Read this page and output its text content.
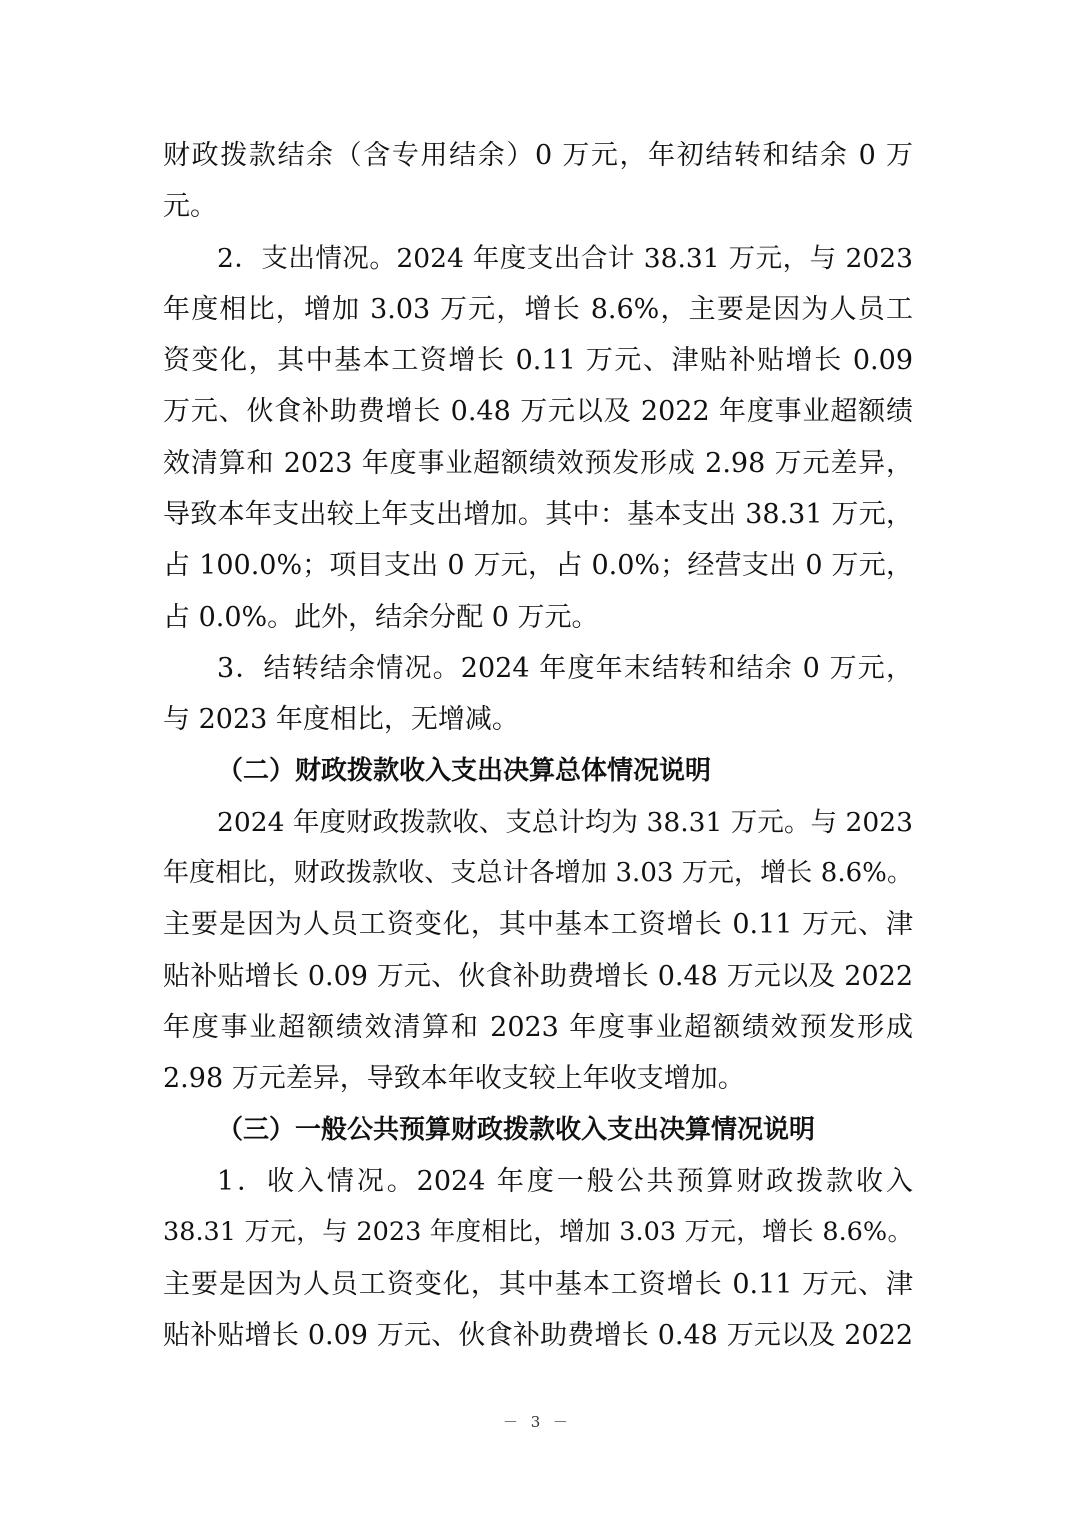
财政拨款结余（含专用结余）0 万元，年初结转和结余 0 万
元。
2．支出情况。2024 年度支出合计 38.31 万元，与 2023
年度相比，增加 3.03 万元，增长 8.6%，主要是因为人员工
资变化，其中基本工资增长 0.11 万元、津贴补贴增长 0.09
万元、伙食补助费增长 0.48 万元以及 2022 年度事业超额绩
效清算和 2023 年度事业超额绩效预发形成 2.98 万元差异，
导致本年支出较上年支出增加。其中：基本支出 38.31 万元，
占 100.0%；项目支出 0 万元，占 0.0%；经营支出 0 万元，
占 0.0%。此外，结余分配 0 万元。
3．结转结余情况。2024 年度年末结转和结余 0 万元，
与 2023 年度相比，无增减。
（二）财政拨款收入支出决算总体情况说明
2024 年度财政拨款收、支总计均为 38.31 万元。与 2023
年度相比，财政拨款收、支总计各增加 3.03 万元，增长 8.6%。
主要是因为人员工资变化，其中基本工资增长 0.11 万元、津
贴补贴增长 0.09 万元、伙食补助费增长 0.48 万元以及 2022
年度事业超额绩效清算和 2023 年度事业超额绩效预发形成
2.98 万元差异，导致本年收支较上年收支增加。
（三）一般公共预算财政拨款收入支出决算情况说明
1．收入情况。2024 年度一般公共预算财政拨款收入
38.31 万元，与 2023 年度相比，增加 3.03 万元，增长 8.6%。
主要是因为人员工资变化，其中基本工资增长 0.11 万元、津
贴补贴增长 0.09 万元、伙食补助费增长 0.48 万元以及 2022
－ 3 －
